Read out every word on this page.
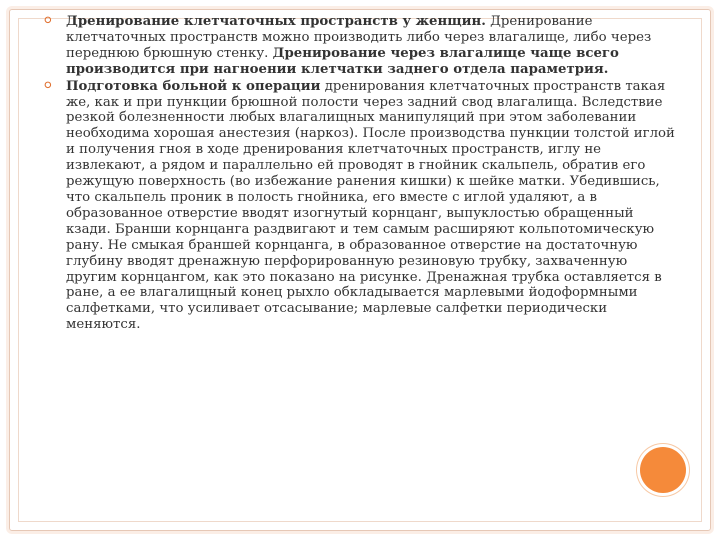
⚪ Дренирование клетчаточных пространств у женщин. Дренирование клетчаточных пространств можно производить либо через влагалище, либо через переднюю брюшную стенку. Дренирование через влагалище чаще всего производится при нагноении клетчатки заднего отдела параметрия.
⚪ Подготовка больной к операции дренирования клетчаточных пространств такая же, как и при пункции брюшной полости через задний свод влагалища. Вследствие резкой болезненности любых влагалищных манипуляций при этом заболевании необходима хорошая анестезия (наркоз). После производства пункции толстой иглой и получения гноя в ходе дренирования клетчаточных пространств, иглу не извлекают, а рядом и параллельно ей проводят в гнойник скальпель, обратив его режущую поверхность (во избежание ранения кишки) к шейке матки. Убедившись, что скальпель проник в полость гнойника, его вместе с иглой удаляют, а в образованное отверстие вводят изогнутый корнцанг, выпуклостью обращенный кзади. Бранши корнцанга раздвигают и тем самым расширяют кольпотомическую рану. Не смыкая браншей корнцанга, в образованное отверстие на достаточную глубину вводят дренажную перфорированную резиновую трубку, захваченную другим корнцангом, как это показано на рисунке. Дренажная трубка оставляется в ране, а ее влагалищный конец рыхло обкладывается марлевыми йодоформными салфетками, что усиливает отсасывание; марлевые салфетки периодически меняются.
